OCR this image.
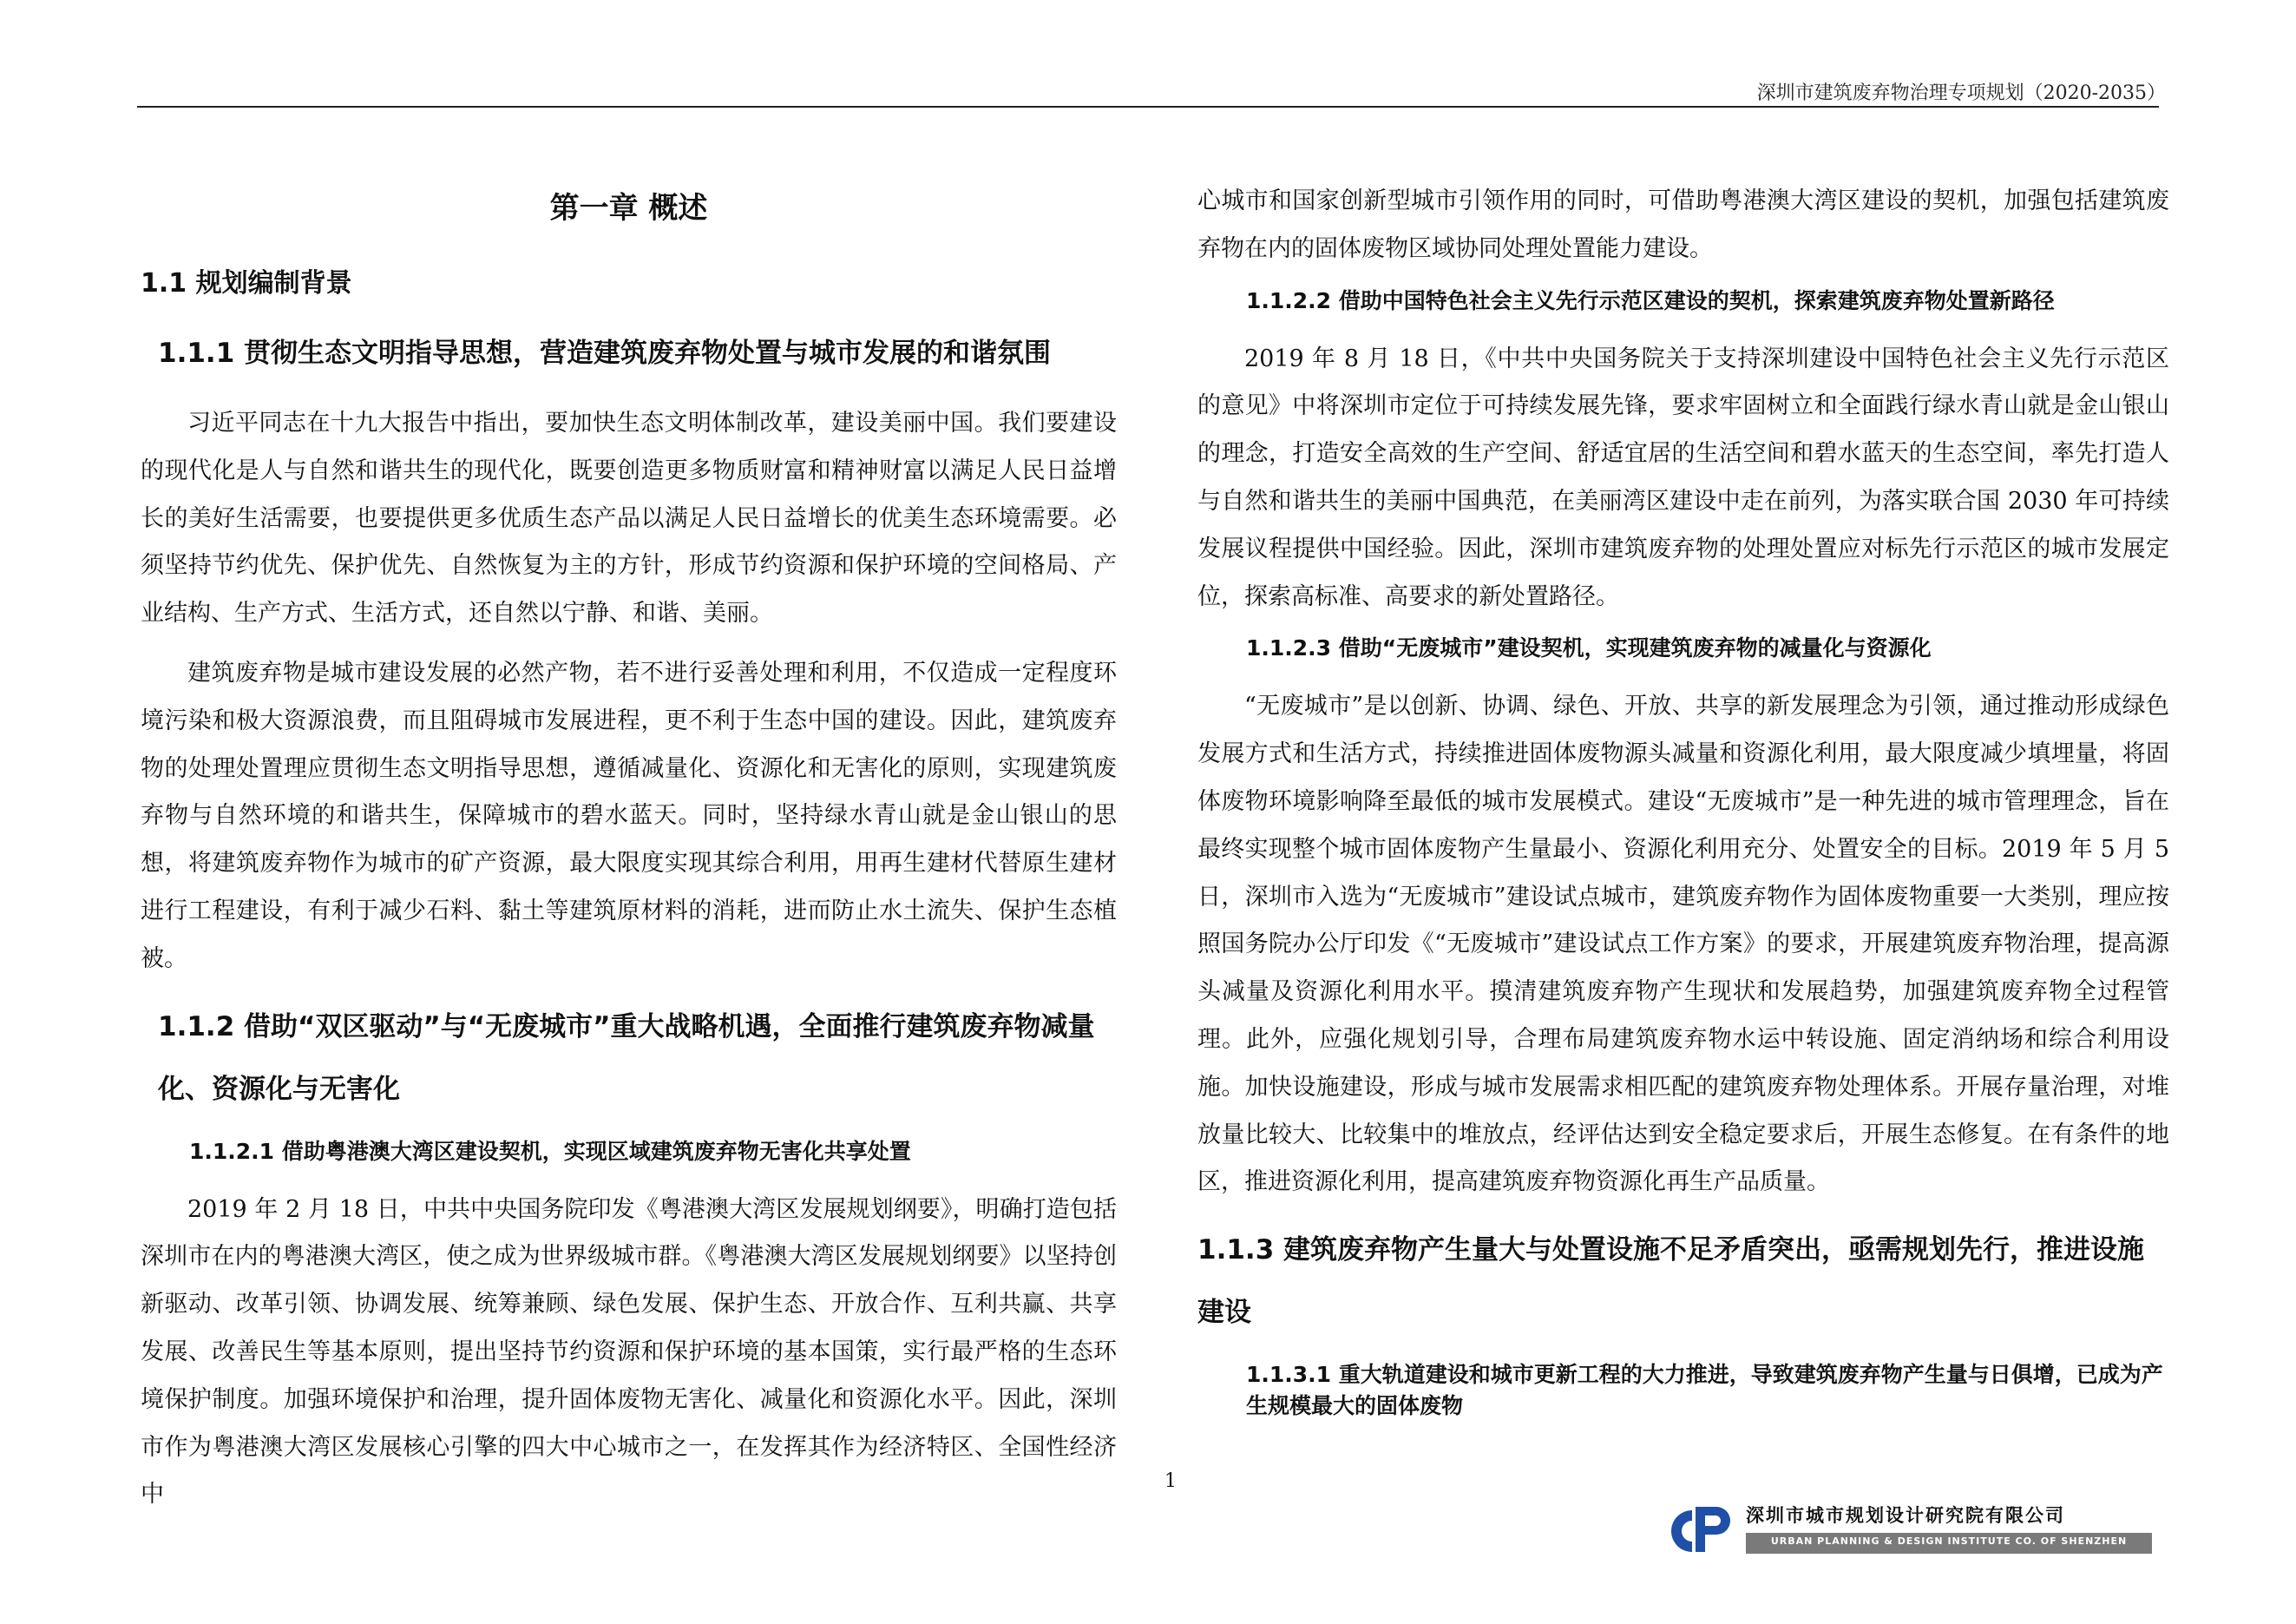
深圳市建筑废弃物治理专项规划（2020-2035）
第一章 概述
1.1 规划编制背景
1.1.1 贯彻生态文明指导思想，营造建筑废弃物处置与城市发展的和谐氛围

习近平同志在十九大报告中指出，要加快生态文明体制改革，建设美丽中国。我们要建设的现代化是人与自然和谐共生的现代化，既要创造更多物质财富和精神财富以满足人民日益增长的美好生活需要，也要提供更多优质生态产品以满足人民日益增长的优美生态环境需要。必须坚持节约优先、保护优先、自然恢复为主的方针，形成节约资源和保护环境的空间格局、产业结构、生产方式、生活方式，还自然以宁静、和谐、美丽。

建筑废弃物是城市建设发展的必然产物，若不进行妥善处理和利用，不仅造成一定程度环境污染和极大资源浪费，而且阻碍城市发展进程，更不利于生态中国的建设。因此，建筑废弃物的处理处置理应贯彻生态文明指导思想，遵循减量化、资源化和无害化的原则，实现建筑废弃物与自然环境的和谐共生，保障城市的碧水蓝天。同时，坚持绿水青山就是金山银山的思想，将建筑废弃物作为城市的矿产资源，最大限度实现其综合利用，用再生建材代替原生建材进行工程建设，有利于减少石料、黏土等建筑原材料的消耗，进而防止水土流失、保护生态植被。

1.1.2 借助“双区驱动”与“无废城市”重大战略机遇，全面推行建筑废弃物减量化、资源化与无害化
1.1.2.1 借助粤港澳大湾区建设契机，实现区域建筑废弃物无害化共享处置

2019 年 2 月 18 日，中共中央国务院印发《粤港澳大湾区发展规划纲要》，明确打造包括深圳市在内的粤港澳大湾区，使之成为世界级城市群。《粤港澳大湾区发展规划纲要》以坚持创新驱动、改革引领、协调发展、统筹兼顾、绿色发展、保护生态、开放合作、互利共赢、共享发展、改善民生等基本原则，提出坚持节约资源和保护环境的基本国策，实行最严格的生态环境保护制度。加强环境保护和治理，提升固体废物无害化、减量化和资源化水平。因此，深圳市作为粤港澳大湾区发展核心引擎的四大中心城市之一，在发挥其作为经济特区、全国性经济中

心城市和国家创新型城市引领作用的同时，可借助粤港澳大湾区建设的契机，加强包括建筑废弃物在内的固体废物区域协同处理处置能力建设。

1.1.2.2 借助中国特色社会主义先行示范区建设的契机，探索建筑废弃物处置新路径

2019 年 8 月 18 日，《中共中央国务院关于支持深圳建设中国特色社会主义先行示范区的意见》中将深圳市定位于可持续发展先锋，要求牢固树立和全面践行绿水青山就是金山银山的理念，打造安全高效的生产空间、舒适宜居的生活空间和碧水蓝天的生态空间，率先打造人与自然和谐共生的美丽中国典范，在美丽湾区建设中走在前列，为落实联合国 2030 年可持续发展议程提供中国经验。因此，深圳市建筑废弃物的处理处置应对标先行示范区的城市发展定位，探索高标准、高要求的新处置路径。

1.1.2.3 借助“无废城市”建设契机，实现建筑废弃物的减量化与资源化

“无废城市”是以创新、协调、绿色、开放、共享的新发展理念为引领，通过推动形成绿色发展方式和生活方式，持续推进固体废物源头减量和资源化利用，最大限度减少填埋量，将固体废物环境影响降至最低的城市发展模式。建设“无废城市”是一种先进的城市管理理念，旨在最终实现整个城市固体废物产生量最小、资源化利用充分、处置安全的目标。2019 年 5 月 5日，深圳市入选为“无废城市”建设试点城市，建筑废弃物作为固体废物重要一大类别，理应按照国务院办公厅印发《“无废城市”建设试点工作方案》的要求，开展建筑废弃物治理，提高源头减量及资源化利用水平。摸清建筑废弃物产生现状和发展趋势，加强建筑废弃物全过程管理。此外，应强化规划引导，合理布局建筑废弃物水运中转设施、固定消纳场和综合利用设施。加快设施建设，形成与城市发展需求相匹配的建筑废弃物处理体系。开展存量治理，对堆放量比较大、比较集中的堆放点，经评估达到安全稳定要求后，开展生态修复。在有条件的地区，推进资源化利用，提高建筑废弃物资源化再生产品质量。

1.1.3 建筑废弃物产生量大与处置设施不足矛盾突出，亟需规划先行，推进设施建设
1.1.3.1 重大轨道建设和城市更新工程的大力推进，导致建筑废弃物产生量与日俱增，已成为产生规模最大的固体废物
1
深圳市城市规划设计研究院有限公司
URBAN PLANNING & DESIGN INSTITUTE CO. OF SHENZHEN
